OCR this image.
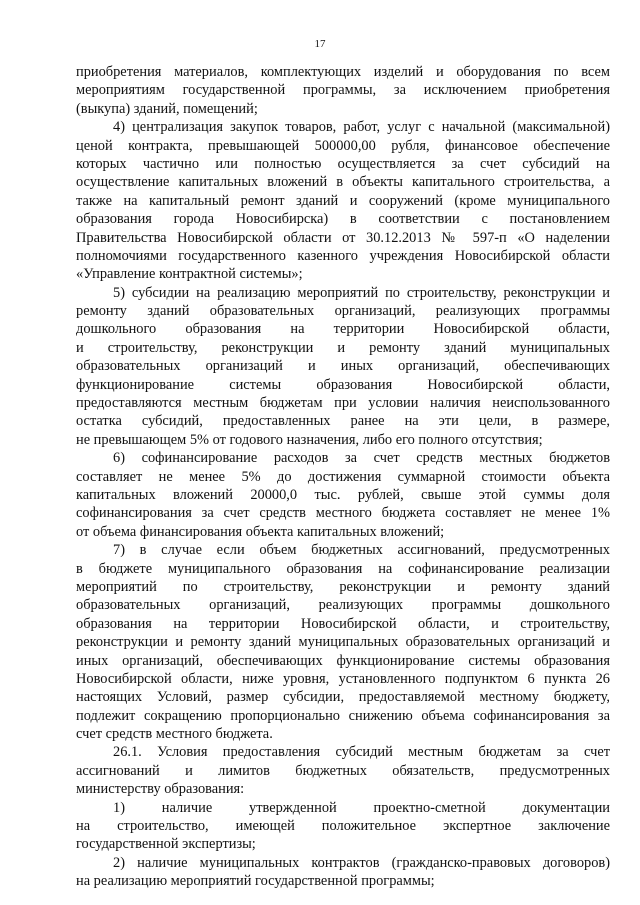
17
приобретения материалов, комплектующих изделий и оборудования по всем
мероприятиям государственной программы, за исключением приобретения
(выкупа) зданий, помещений;
4) централизация закупок товаров, работ, услуг с начальной (максимальной)
ценой контракта, превышающей 500000,00 рубля, финансовое обеспечение
которых частично или полностью осуществляется за счет субсидий на
осуществление капитальных вложений в объекты капитального строительства, а
также на капитальный ремонт зданий и сооружений (кроме муниципального
образования города Новосибирска) в соответствии с постановлением
Правительства Новосибирской области от 30.12.2013 № 597-п «О наделении
полномочиями государственного казенного учреждения Новосибирской области
«Управление контрактной системы»;
5) субсидии на реализацию мероприятий по строительству, реконструкции и
ремонту зданий образовательных организаций, реализующих программы
дошкольного образования на территории Новосибирской области,
и строительству, реконструкции и ремонту зданий муниципальных
образовательных организаций и иных организаций, обеспечивающих
функционирование системы образования Новосибирской области,
предоставляются местным бюджетам при условии наличия неиспользованного
остатка субсидий, предоставленных ранее на эти цели, в размере,
не превышающем 5% от годового назначения, либо его полного отсутствия;
6) софинансирование расходов за счет средств местных бюджетов
составляет не менее 5% до достижения суммарной стоимости объекта
капитальных вложений 20000,0 тыс. рублей, свыше этой суммы доля
софинансирования за счет средств местного бюджета составляет не менее 1%
от объема финансирования объекта капитальных вложений;
7) в случае если объем бюджетных ассигнований, предусмотренных
в бюджете муниципального образования на софинансирование реализации
мероприятий по строительству, реконструкции и ремонту зданий
образовательных организаций, реализующих программы дошкольного
образования на территории Новосибирской области, и строительству,
реконструкции и ремонту зданий муниципальных образовательных организаций и
иных организаций, обеспечивающих функционирование системы образования
Новосибирской области, ниже уровня, установленного подпунктом 6 пункта 26
настоящих Условий, размер субсидии, предоставляемой местному бюджету,
подлежит сокращению пропорционально снижению объема софинансирования за
счет средств местного бюджета.
26.1. Условия предоставления субсидий местным бюджетам за счет
ассигнований и лимитов бюджетных обязательств, предусмотренных
министерству образования:
1) наличие утвержденной проектно-сметной документации
на строительство, имеющей положительное экспертное заключение
государственной экспертизы;
2) наличие муниципальных контрактов (гражданско-правовых договоров)
на реализацию мероприятий государственной программы;
